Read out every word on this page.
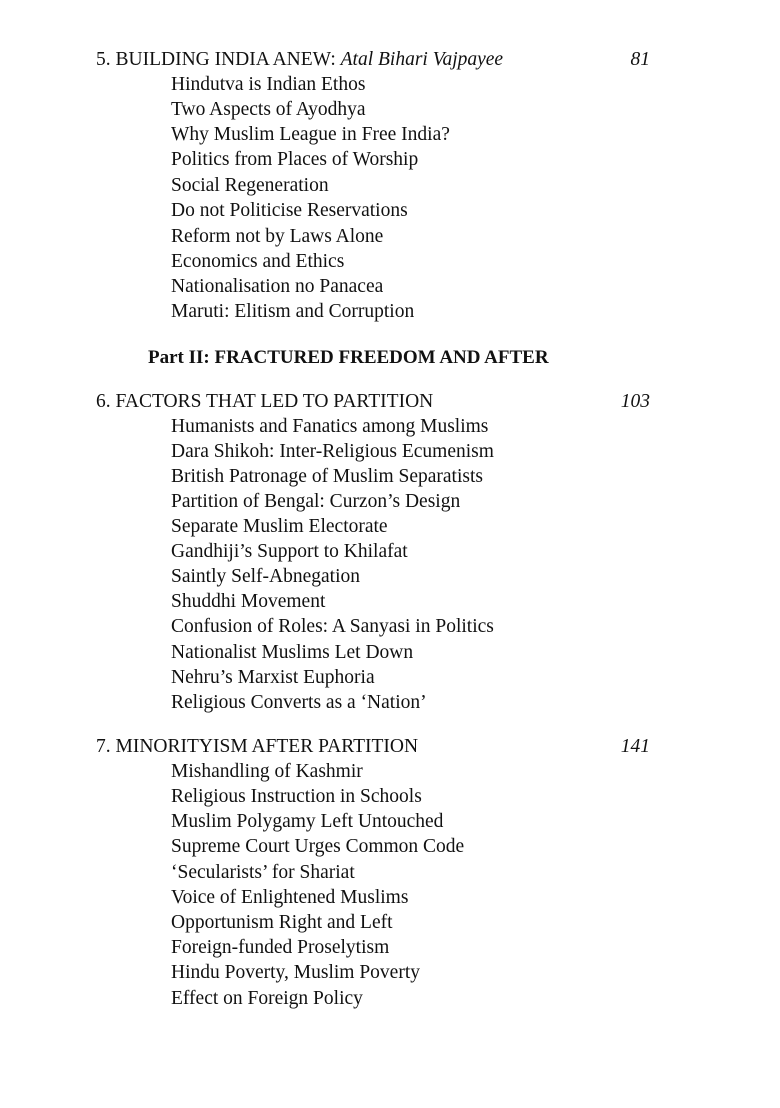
5. BUILDING INDIA ANEW: Atal Bihari Vajpayee	81
Hindutva is Indian Ethos
Two Aspects of Ayodhya
Why Muslim League in Free India?
Politics from Places of Worship
Social Regeneration
Do not Politicise Reservations
Reform not by Laws Alone
Economics and Ethics
Nationalisation no Panacea
Maruti: Elitism and Corruption
Part II: FRACTURED FREEDOM AND AFTER
6. FACTORS THAT LED TO PARTITION	103
Humanists and Fanatics among Muslims
Dara Shikoh: Inter-Religious Ecumenism
British Patronage of Muslim Separatists
Partition of Bengal: Curzon’s Design
Separate Muslim Electorate
Gandhiji’s Support to Khilafat
Saintly Self-Abnegation
Shuddhi Movement
Confusion of Roles: A Sanyasi in Politics
Nationalist Muslims Let Down
Nehru’s Marxist Euphoria
Religious Converts as a ‘Nation’
7. MINORITYISM AFTER PARTITION	141
Mishandling of Kashmir
Religious Instruction in Schools
Muslim Polygamy Left Untouched
Supreme Court Urges Common Code
‘Secularists’ for Shariat
Voice of Enlightened Muslims
Opportunism Right and Left
Foreign-funded Proselytism
Hindu Poverty, Muslim Poverty
Effect on Foreign Policy
